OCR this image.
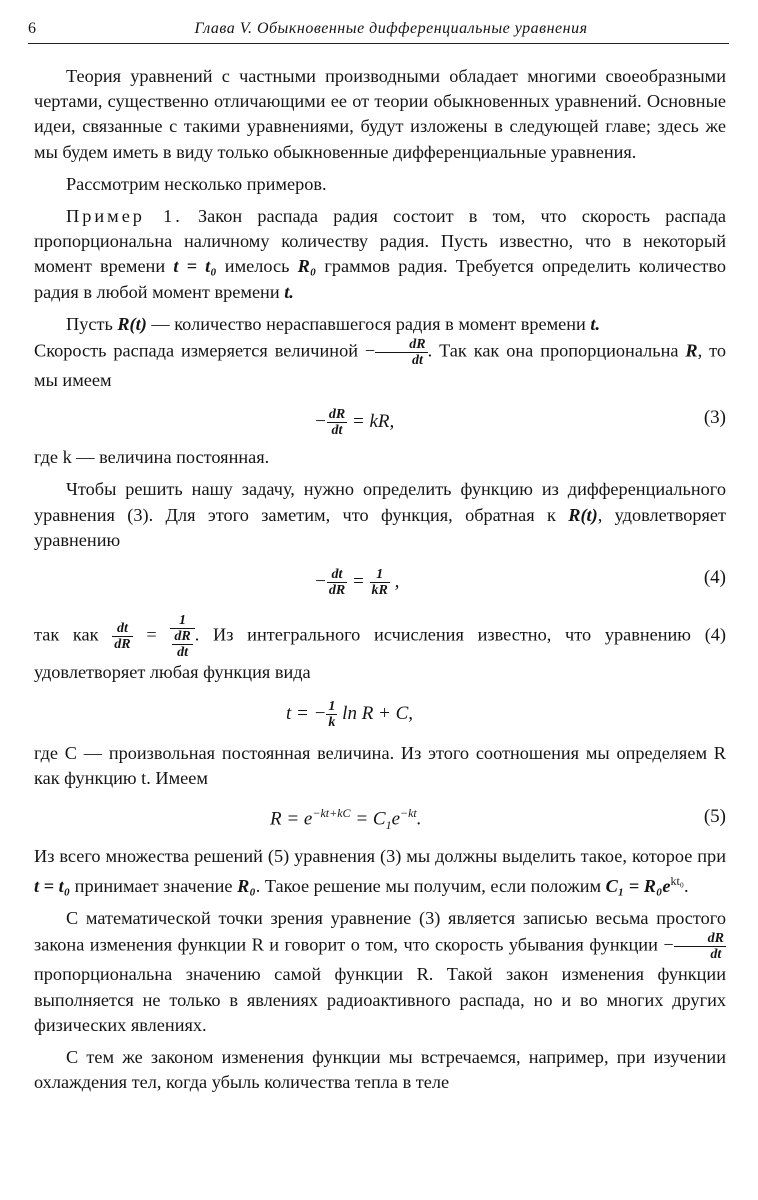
6	Глава V. Обыкновенные дифференциальные уравнения

Теория уравнений с частными производными обладает многими своеобразными чертами, существенно отличающими ее от теории обыкновенных уравнений. Основные идеи, связанные с такими уравнениями, будут изложены в следующей главе; здесь же мы будем иметь в виду только обыкновенные дифференциальные уравнения.

Рассмотрим несколько примеров.

Пример 1. Закон распада радия состоит в том, что скорость распада пропорциональна наличному количеству радия. Пусть известно, что в некоторый момент времени t = t₀ имелось R₀ граммов радия. Требуется определить количество радия в любой момент времени t.

Пусть R(t) — количество нераспавшегося радия в момент времени t.
Скорость распада измеряется величиной − $\frac{dR}{dt}$ . Так как она пропорциональна R, то мы имеем

− $\frac{dR}{dt}$ = kR,	(3)

где k — величина постоянная.

Чтобы решить нашу задачу, нужно определить функцию из дифференциального уравнения (3). Для этого заметим, что функция, обратная к R(t), удовлетворяет уравнению

− $\frac{dt}{dR} = \frac{1}{kR}$ ,	(4)

так как $\frac{dt}{dR} = \frac{1}{\frac{dR}{dt}}$ . Из интегрального исчисления известно, что уравнению (4) удовлетворяет любая функция вида

t = − $\frac{1}{k}$ ln R + C,

где C — произвольная постоянная величина. Из этого соотношения мы определяем R как функцию t. Имеем

$R = e^{-kt+kC} = C_1e^{-kt}$.	(5)

Из всего множества решений (5) уравнения (3) мы должны выделить такое, которое при t = t₀ принимает значение R₀. Такое решение мы получим, если положим $C_1 = R_0e^{kt_0}$.

С математической точки зрения уравнение (3) является записью весьма простого закона изменения функции R и говорит о том, что скорость убывания функции − $\frac{dR}{dt}$
пропорциональна значению самой функции R. Такой закон изменения функции выполняется не только в явлениях радиоактивного распада, но и во многих других физических явлениях.

С тем же законом изменения функции мы встречаемся, например, при изучении охлаждения тел, когда убыль количества тепла в теле
